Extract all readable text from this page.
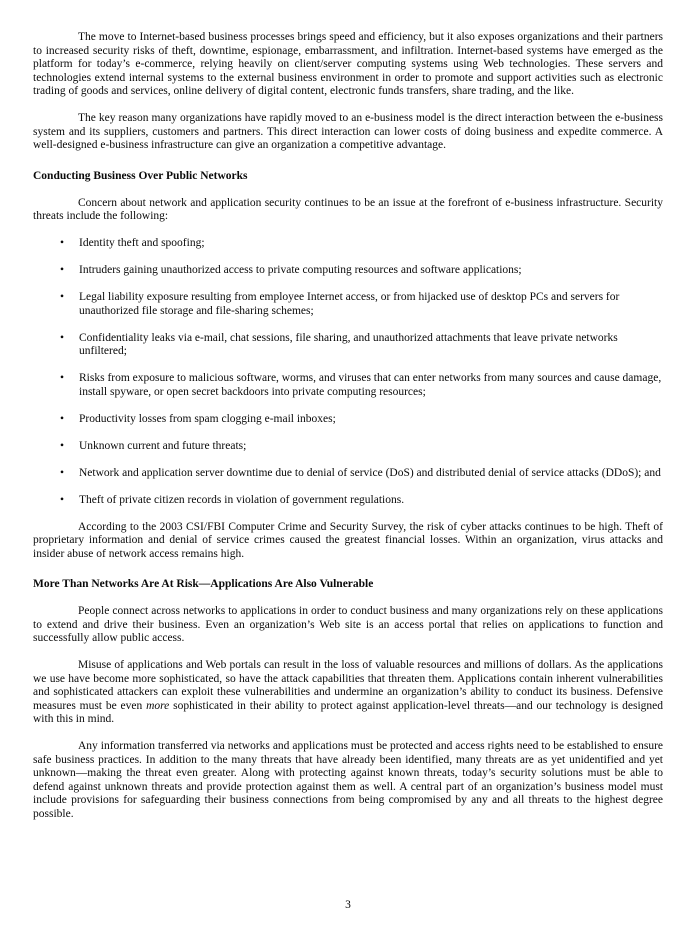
The move to Internet-based business processes brings speed and efficiency, but it also exposes organizations and their partners to increased security risks of theft, downtime, espionage, embarrassment, and infiltration. Internet-based systems have emerged as the platform for today’s e-commerce, relying heavily on client/server computing systems using Web technologies. These servers and technologies extend internal systems to the external business environment in order to promote and support activities such as electronic trading of goods and services, online delivery of digital content, electronic funds transfers, share trading, and the like.

The key reason many organizations have rapidly moved to an e-business model is the direct interaction between the e-business system and its suppliers, customers and partners. This direct interaction can lower costs of doing business and expedite commerce. A well-designed e-business infrastructure can give an organization a competitive advantage.

Conducting Business Over Public Networks

Concern about network and application security continues to be an issue at the forefront of e-business infrastructure. Security threats include the following:

• Identity theft and spoofing;
• Intruders gaining unauthorized access to private computing resources and software applications;
• Legal liability exposure resulting from employee Internet access, or from hijacked use of desktop PCs and servers for unauthorized file storage and file-sharing schemes;
• Confidentiality leaks via e-mail, chat sessions, file sharing, and unauthorized attachments that leave private networks unfiltered;
• Risks from exposure to malicious software, worms, and viruses that can enter networks from many sources and cause damage, install spyware, or open secret backdoors into private computing resources;
• Productivity losses from spam clogging e-mail inboxes;
• Unknown current and future threats;
• Network and application server downtime due to denial of service (DoS) and distributed denial of service attacks (DDoS); and
• Theft of private citizen records in violation of government regulations.

According to the 2003 CSI/FBI Computer Crime and Security Survey, the risk of cyber attacks continues to be high. Theft of proprietary information and denial of service crimes caused the greatest financial losses. Within an organization, virus attacks and insider abuse of network access remains high.

More Than Networks Are At Risk—Applications Are Also Vulnerable

People connect across networks to applications in order to conduct business and many organizations rely on these applications to extend and drive their business. Even an organization’s Web site is an access portal that relies on applications to function and successfully allow public access.

Misuse of applications and Web portals can result in the loss of valuable resources and millions of dollars. As the applications we use have become more sophisticated, so have the attack capabilities that threaten them. Applications contain inherent vulnerabilities and sophisticated attackers can exploit these vulnerabilities and undermine an organization’s ability to conduct its business. Defensive measures must be even more sophisticated in their ability to protect against application-level threats—and our technology is designed with this in mind.

Any information transferred via networks and applications must be protected and access rights need to be established to ensure safe business practices. In addition to the many threats that have already been identified, many threats are as yet unidentified and yet unknown—making the threat even greater. Along with protecting against known threats, today’s security solutions must be able to defend against unknown threats and provide protection against them as well. A central part of an organization’s business model must include provisions for safeguarding their business connections from being compromised by any and all threats to the highest degree possible.

3
